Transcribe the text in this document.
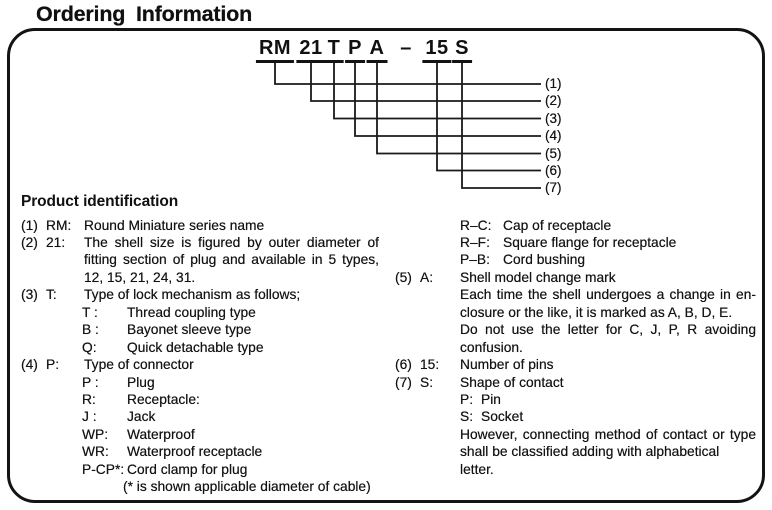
Ordering Information
RM 21 T P A – 15 S
(1)
(2)
(3)
(4)
(5)
(6)
(7)
Product identification
(1) RM: Round Miniature series name
(2) 21:	The shell size is figured by outer diameter of
fitting section of plug and available in 5 types,
12, 15, 21, 24, 31.
(3) T:	Type of lock mechanism as follows;
T :	Thread coupling type
B :	Bayonet sleeve type
Q:	Quick detachable type
(4) P:	Type of connector
P :	Plug
R:	Receptacle:
J :	Jack
WP:	Waterproof
WR:	Waterproof receptacle
P-CP*: Cord clamp for plug
(* is shown applicable diameter of cable)
R–C: Cap of receptacle
R–F: Square flange for receptacle
P–B: Cord bushing
(5) A:	Shell model change mark
Each time the shell undergoes a change in en-
closure or the like, it is marked as A, B, D, E.
Do not use the letter for C, J, P, R avoiding
confusion.
(6) 15:	Number of pins
(7) S:	Shape of contact
P: Pin
S: Socket
However, connecting method of contact or type
shall be classified adding with alphabetical letter.
